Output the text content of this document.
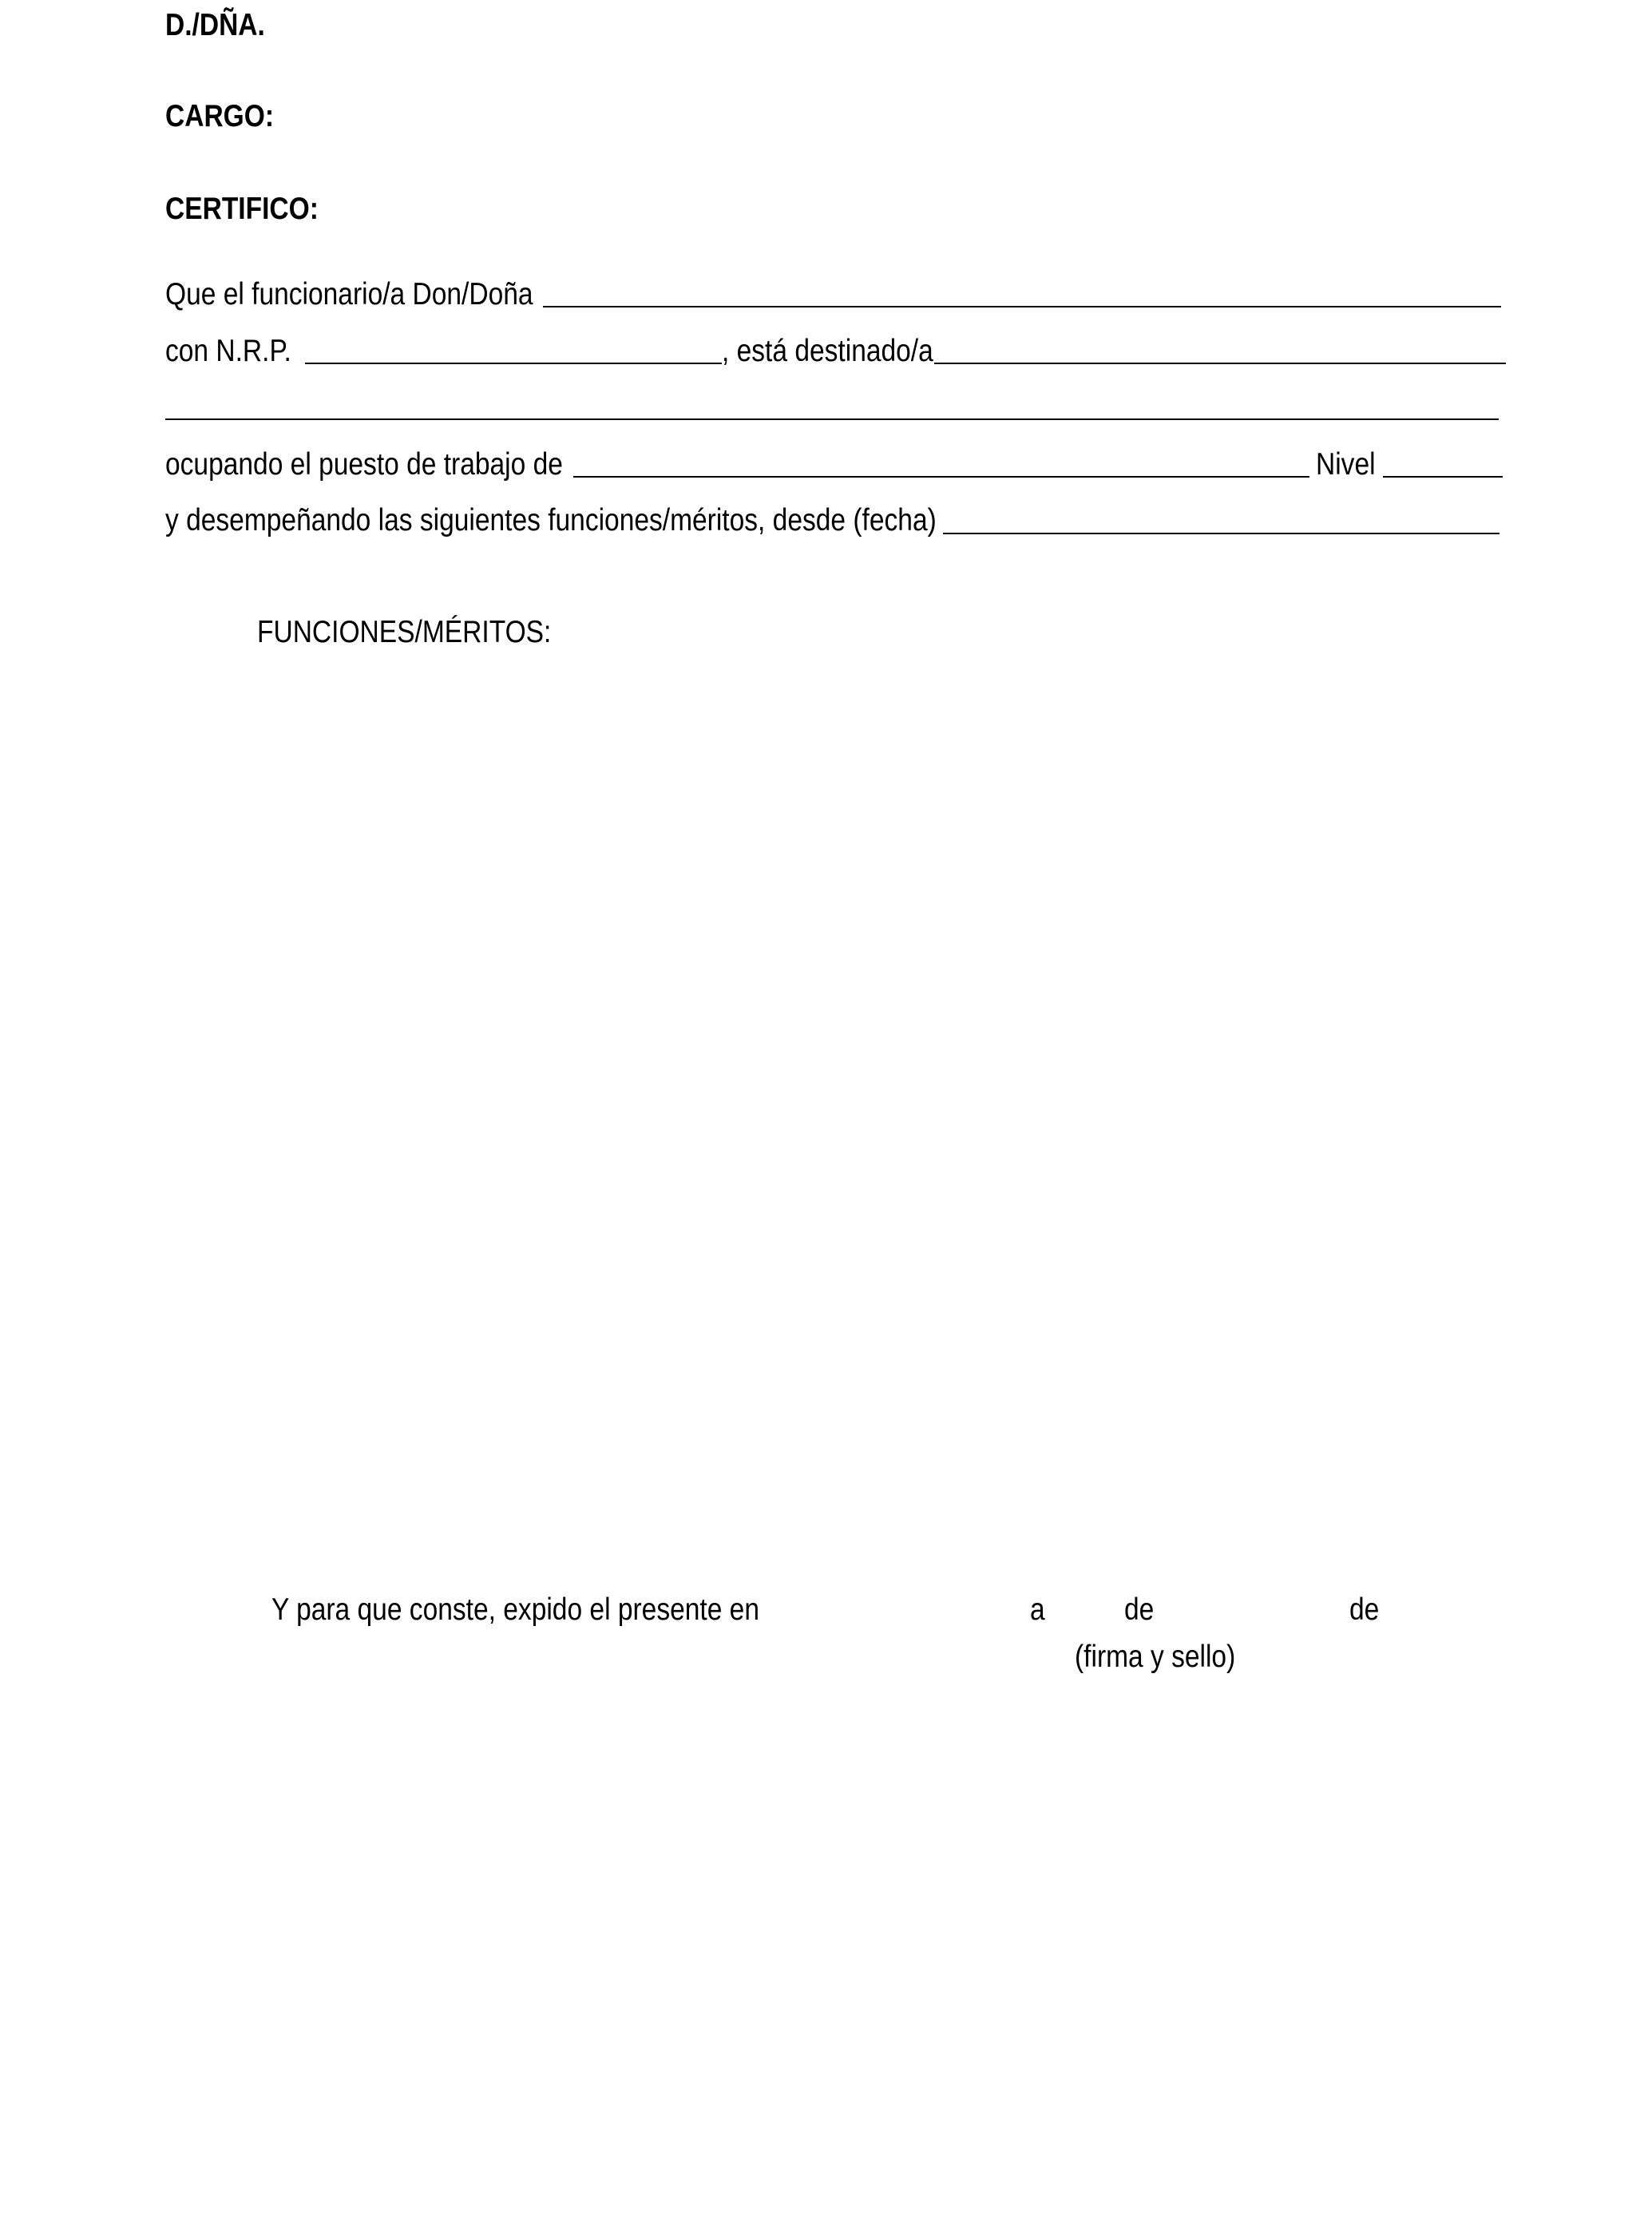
D./DÑA.
CARGO:
CERTIFICO:
Que el funcionario/a Don/Doña
con N.R.P.	, está destinado/a
ocupando el puesto de trabajo de	Nivel
y desempeñando las siguientes funciones/méritos, desde (fecha)
FUNCIONES/MÉRITOS:
Y para que conste, expido el presente en	a	de	de
(firma y sello)
